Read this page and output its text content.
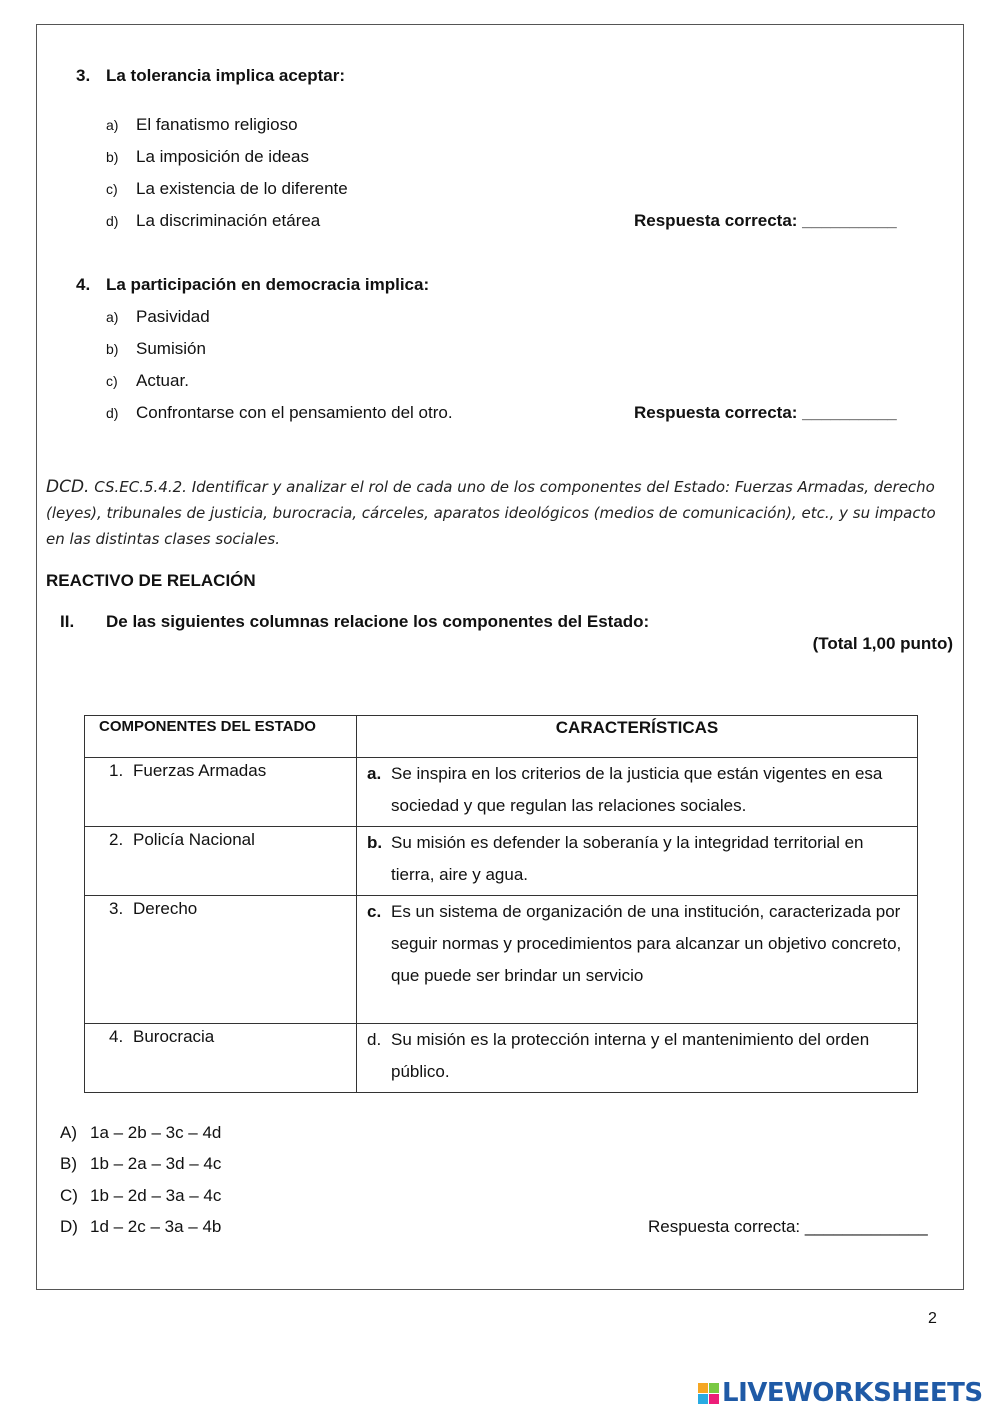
3. La tolerancia implica aceptar:
a) El fanatismo religioso
b) La imposición de ideas
c) La existencia de lo diferente
d) La discriminación etárea	Respuesta correcta: __________
4. La participación en democracia implica:
a) Pasividad
b) Sumisión
c) Actuar.
d) Confrontarse con el pensamiento del otro.	Respuesta correcta: __________
DCD. CS.EC.5.4.2. Identificar y analizar el rol de cada uno de los componentes del Estado: Fuerzas Armadas, derecho (leyes), tribunales de justicia, burocracia, cárceles, aparatos ideológicos (medios de comunicación), etc., y su impacto en las distintas clases sociales.
REACTIVO DE RELACIÓN
II. De las siguientes columnas relacione los componentes del Estado:
(Total 1,00 punto)
COMPONENTES DEL ESTADO	CARACTERÍSTICAS
1. Fuerzas Armadas	a. Se inspira en los criterios de la justicia que están vigentes en esa sociedad y que regulan las relaciones sociales.

2. Policía Nacional	b. Su misión es defender la soberanía y la integridad territorial en tierra, aire y agua.

3. Derecho	c. Es un sistema de organización de una institución, caracterizada por seguir normas y procedimientos para alcanzar un objetivo concreto, que puede ser brindar un servicio

4. Burocracia	d. Su misión es la protección interna y el mantenimiento del orden público.
A) 1a – 2b – 3c – 4d
B) 1b – 2a – 3d – 4c
C) 1b – 2d – 3a – 4c
D) 1d – 2c – 3a – 4b	Respuesta correcta: _____________
2
LIVEWORKSHEETS
